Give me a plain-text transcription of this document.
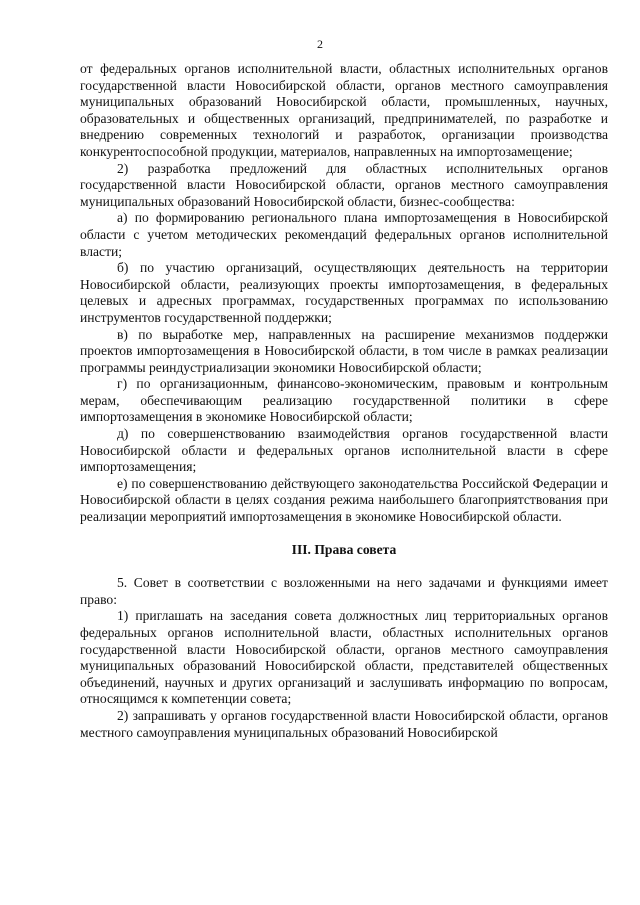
2

от федеральных органов исполнительной власти, областных исполнительных органов государственной власти Новосибирской области, органов местного самоуправления муниципальных образований Новосибирской области, промышленных, научных, образовательных и общественных организаций, предпринимателей, по разработке и внедрению современных технологий и разработок, организации производства конкурентоспособной продукции, материалов, направленных на импортозамещение;

2) разработка предложений для областных исполнительных органов государственной власти Новосибирской области, органов местного самоуправления муниципальных образований Новосибирской области, бизнес-сообщества:

а) по формированию регионального плана импортозамещения в Новосибирской области с учетом методических рекомендаций федеральных органов исполнительной власти;

б) по участию организаций, осуществляющих деятельность на территории Новосибирской области, реализующих проекты импортозамещения, в федеральных целевых и адресных программах, государственных программах по использованию инструментов государственной поддержки;

в) по выработке мер, направленных на расширение механизмов поддержки проектов импортозамещения в Новосибирской области, в том числе в рамках реализации программы реиндустриализации экономики Новосибирской области;

г) по организационным, финансово-экономическим, правовым и контрольным мерам, обеспечивающим реализацию государственной политики в сфере импортозамещения в экономике Новосибирской области;

д) по совершенствованию взаимодействия органов государственной власти Новосибирской области и федеральных органов исполнительной власти в сфере импортозамещения;

е) по совершенствованию действующего законодательства Российской Федерации и Новосибирской области в целях создания режима наибольшего благоприятствования при реализации мероприятий импортозамещения в экономике Новосибирской области.

III. Права совета

5. Совет в соответствии с возложенными на него задачами и функциями имеет право:

1) приглашать на заседания совета должностных лиц территориальных органов федеральных органов исполнительной власти, областных исполнительных органов государственной власти Новосибирской области, органов местного самоуправления муниципальных образований Новосибирской области, представителей общественных объединений, научных и других организаций и заслушивать информацию по вопросам, относящимся к компетенции совета;

2) запрашивать у органов государственной власти Новосибирской области, органов местного самоуправления муниципальных образований Новосибирской
